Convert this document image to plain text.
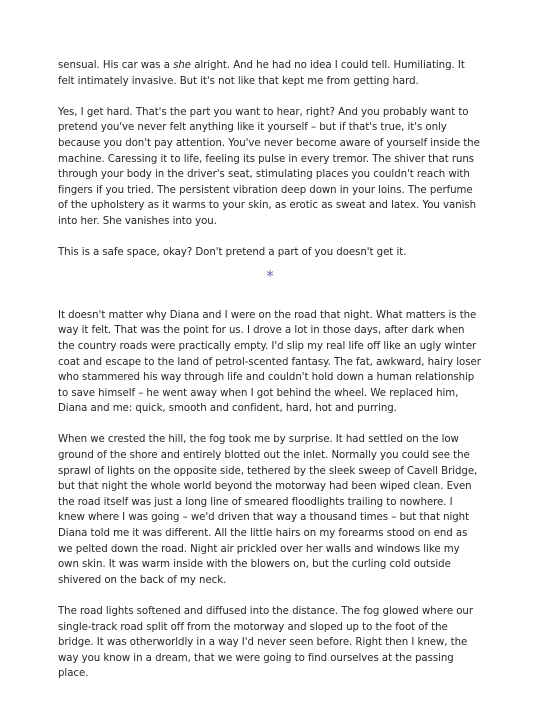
sensual. His car was a she alright. And he had no idea I could tell. Humiliating. It felt intimately invasive. But it's not like that kept me from getting hard.

Yes, I get hard. That's the part you want to hear, right? And you probably want to pretend you've never felt anything like it yourself – but if that's true, it's only because you don't pay attention. You've never become aware of yourself inside the machine. Caressing it to life, feeling its pulse in every tremor. The shiver that runs through your body in the driver's seat, stimulating places you couldn't reach with fingers if you tried. The persistent vibration deep down in your loins. The perfume of the upholstery as it warms to your skin, as erotic as sweat and latex. You vanish into her. She vanishes into you.

This is a safe space, okay? Don't pretend a part of you doesn't get it.

*

It doesn't matter why Diana and I were on the road that night. What matters is the way it felt. That was the point for us. I drove a lot in those days, after dark when the country roads were practically empty. I'd slip my real life off like an ugly winter coat and escape to the land of petrol-scented fantasy. The fat, awkward, hairy loser who stammered his way through life and couldn't hold down a human relationship to save himself – he went away when I got behind the wheel. We replaced him, Diana and me: quick, smooth and confident, hard, hot and purring.

When we crested the hill, the fog took me by surprise. It had settled on the low ground of the shore and entirely blotted out the inlet. Normally you could see the sprawl of lights on the opposite side, tethered by the sleek sweep of Cavell Bridge, but that night the whole world beyond the motorway had been wiped clean. Even the road itself was just a long line of smeared floodlights trailing to nowhere. I knew where I was going – we'd driven that way a thousand times – but that night Diana told me it was different. All the little hairs on my forearms stood on end as we pelted down the road. Night air prickled over her walls and windows like my own skin. It was warm inside with the blowers on, but the curling cold outside shivered on the back of my neck.

The road lights softened and diffused into the distance. The fog glowed where our single-track road split off from the motorway and sloped up to the foot of the bridge. It was otherworldly in a way I'd never seen before. Right then I knew, the way you know in a dream, that we were going to find ourselves at the passing place.
